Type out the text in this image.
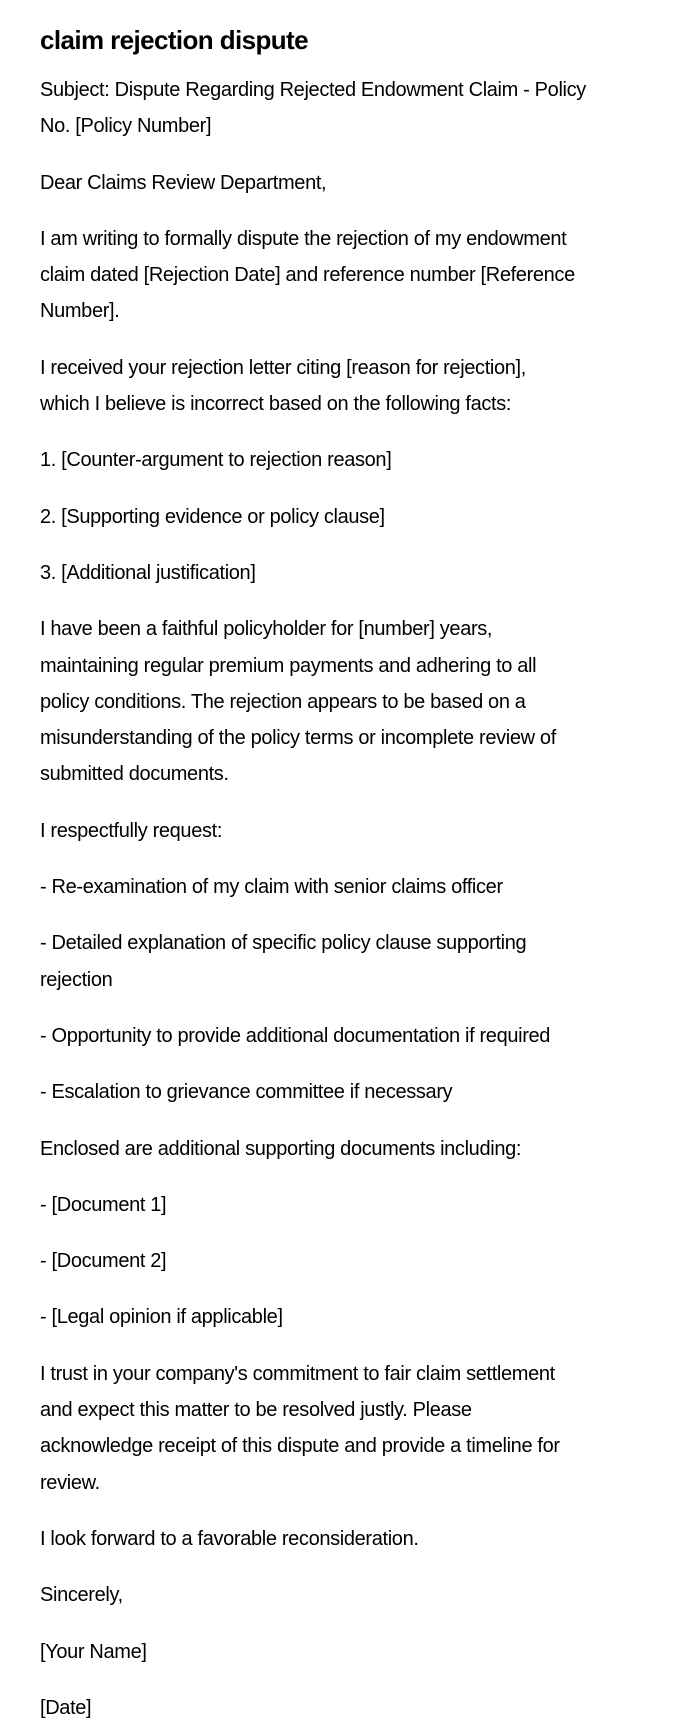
claim rejection dispute

Subject: Dispute Regarding Rejected Endowment Claim - Policy
No. [Policy Number]

Dear Claims Review Department,

I am writing to formally dispute the rejection of my endowment
claim dated [Rejection Date] and reference number [Reference
Number].

I received your rejection letter citing [reason for rejection],
which I believe is incorrect based on the following facts:

1. [Counter-argument to rejection reason]

2. [Supporting evidence or policy clause]

3. [Additional justification]

I have been a faithful policyholder for [number] years,
maintaining regular premium payments and adhering to all
policy conditions. The rejection appears to be based on a
misunderstanding of the policy terms or incomplete review of
submitted documents.

I respectfully request:

- Re-examination of my claim with senior claims officer

- Detailed explanation of specific policy clause supporting
rejection

- Opportunity to provide additional documentation if required

- Escalation to grievance committee if necessary

Enclosed are additional supporting documents including:

- [Document 1]

- [Document 2]

- [Legal opinion if applicable]

I trust in your company's commitment to fair claim settlement
and expect this matter to be resolved justly. Please
acknowledge receipt of this dispute and provide a timeline for
review.

I look forward to a favorable reconsideration.

Sincerely,

[Your Name]

[Date]
